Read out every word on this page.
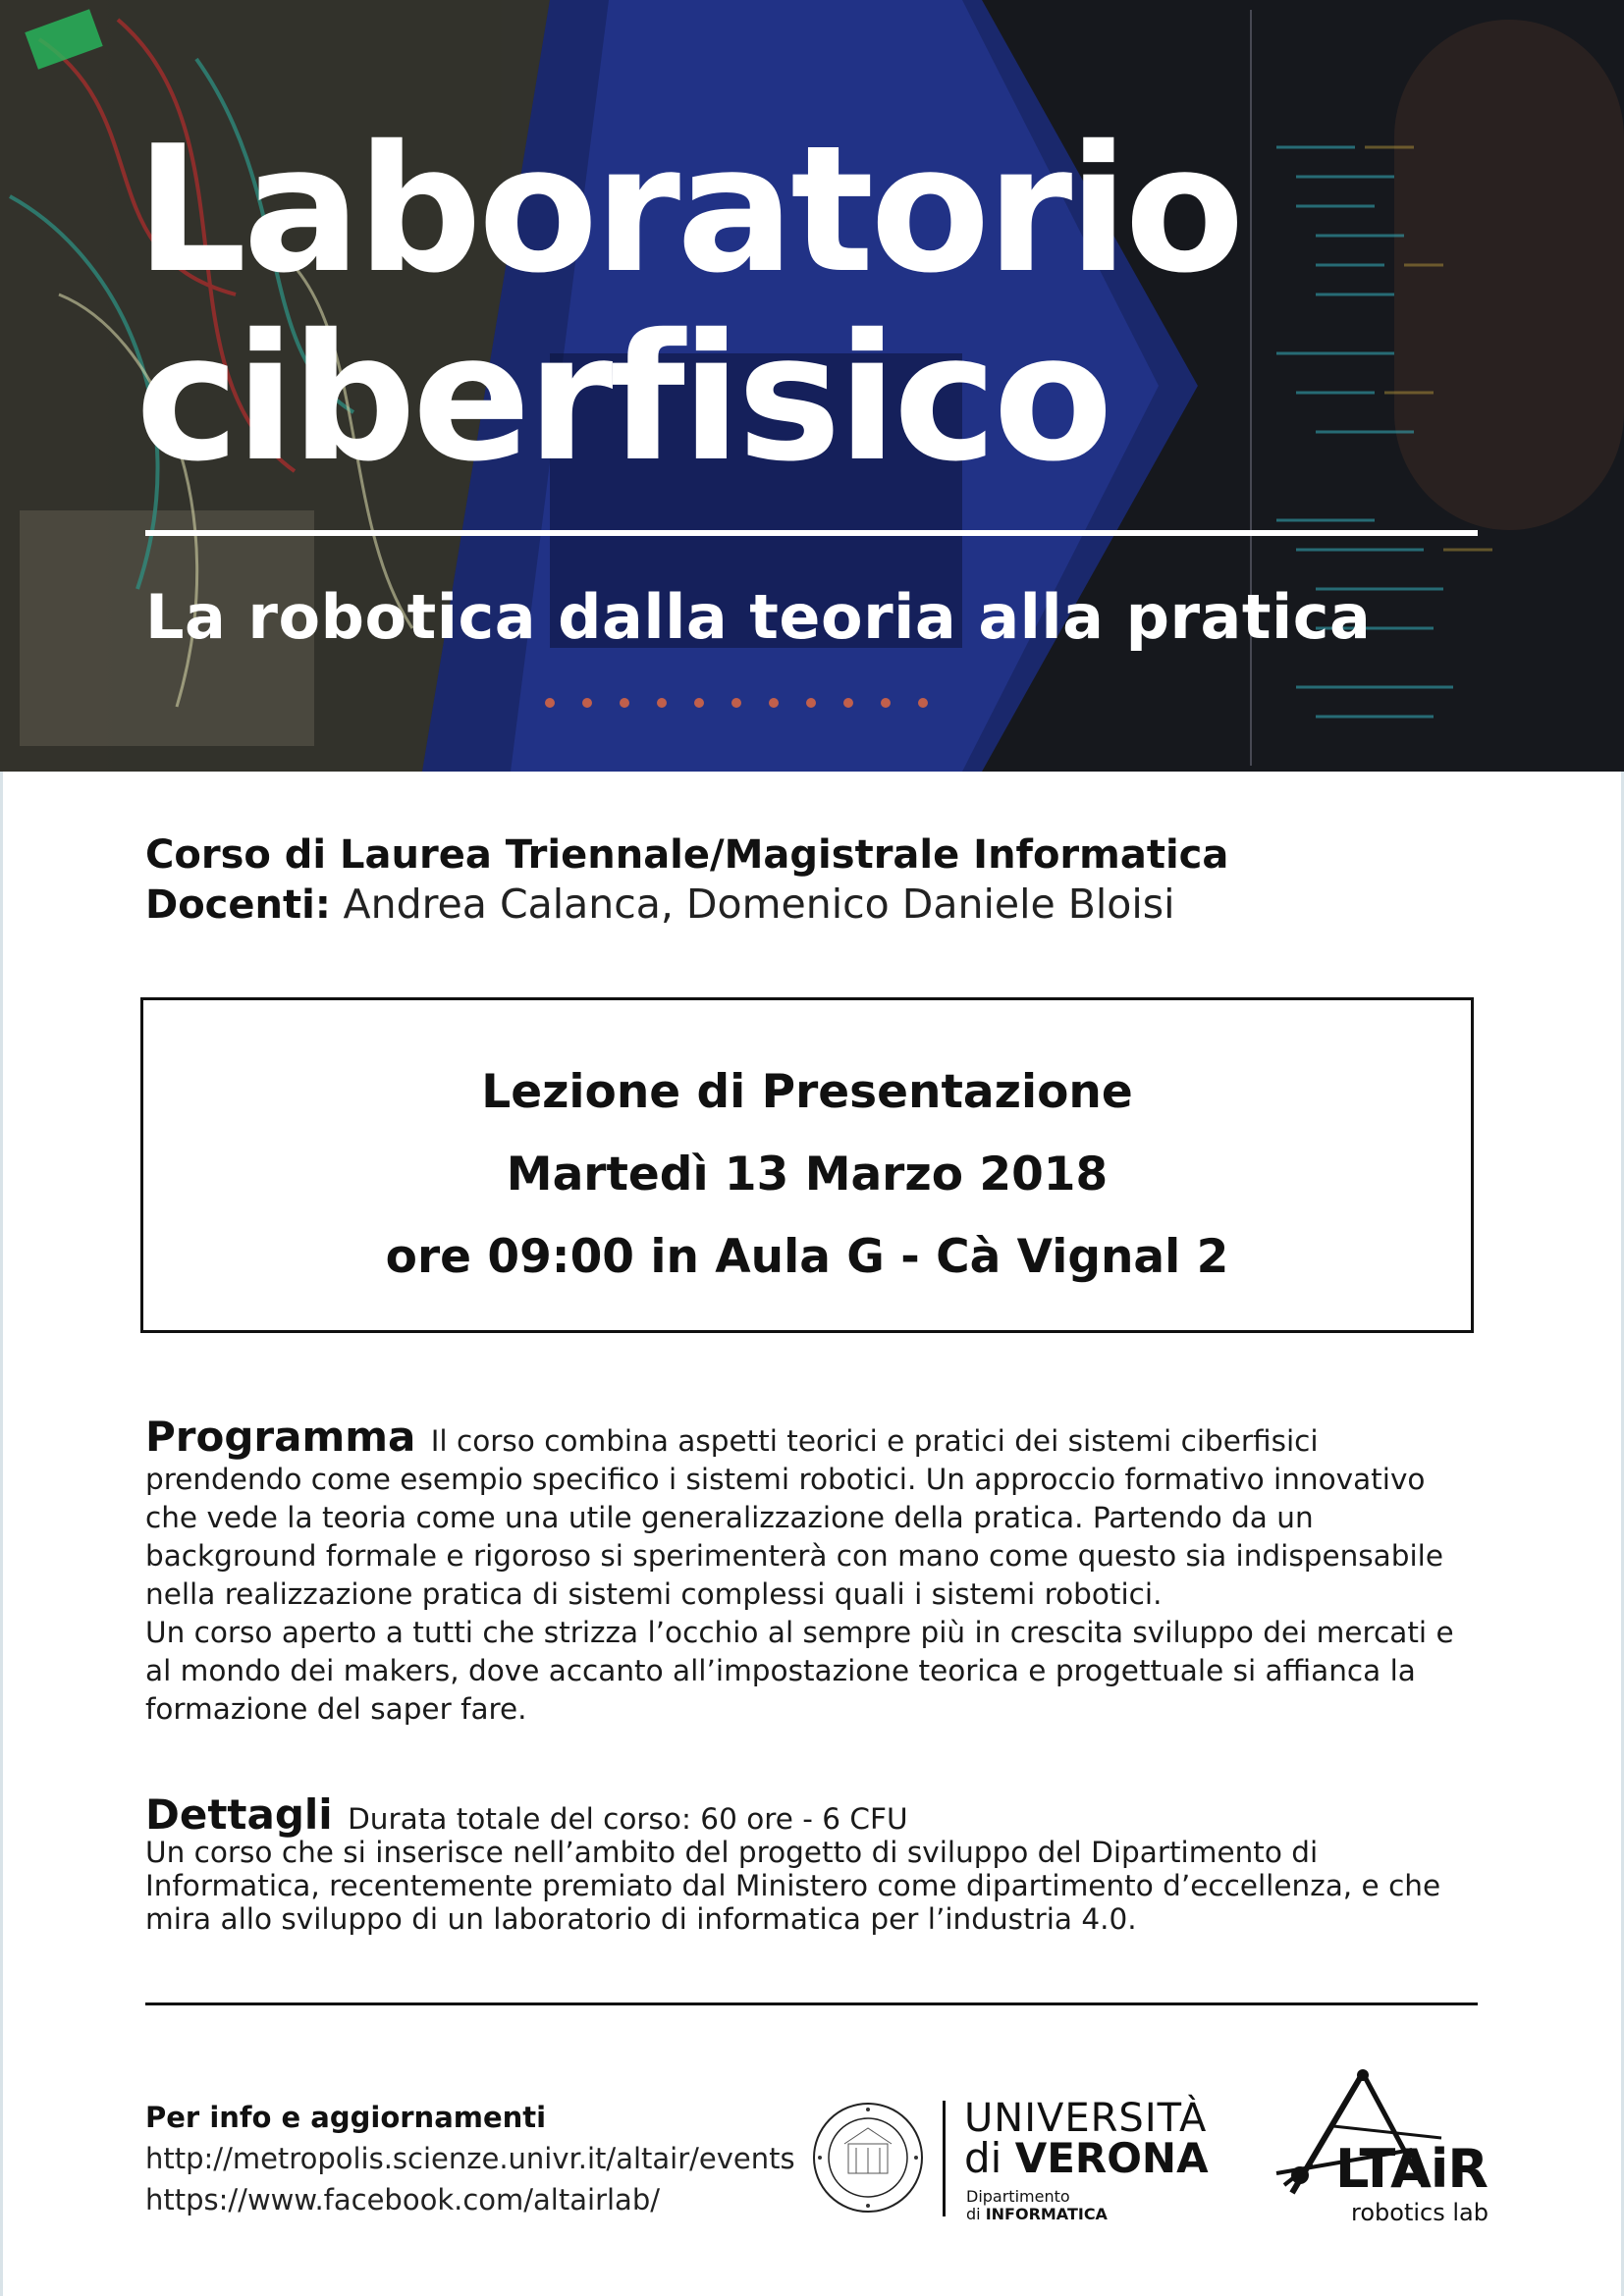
Laboratorio
ciberfisico
La robotica dalla teoria alla pratica
Corso di Laurea Triennale/Magistrale Informatica
Docenti: Andrea Calanca, Domenico Daniele Bloisi
Lezione di Presentazione
Martedì 13 Marzo 2018
ore 09:00 in Aula G - Cà Vignal 2

Programma Il corso combina aspetti teorici e pratici dei sistemi ciberfisici prendendo come esempio specifico i sistemi robotici. Un approccio formativo innovativo che vede la teoria come una utile generalizzazione della pratica. Partendo da un background formale e rigoroso si sperimenterà con mano come questo sia indispensabile nella realizzazione pratica di sistemi complessi quali i sistemi robotici.

Un corso aperto a tutti che strizza l’occhio al sempre più in crescita sviluppo dei mercati e al mondo dei makers, dove accanto all’impostazione teorica e progettuale si affianca la formazione del saper fare.

Dettagli Durata totale del corso: 60 ore - 6 CFU

Un corso che si inserisce nell’ambito del progetto di sviluppo del Dipartimento di Informatica, recentemente premiato dal Ministero come dipartimento d’eccellenza, e che mira allo sviluppo di un laboratorio di informatica per l’industria 4.0.

Per info e aggiornamenti
http://metropolis.scienze.univr.it/altair/events
https://www.facebook.com/altairlab/
UNIVERSITÀ
di VERONA
Dipartimento
di INFORMATICA
LTAiR
robotics lab
